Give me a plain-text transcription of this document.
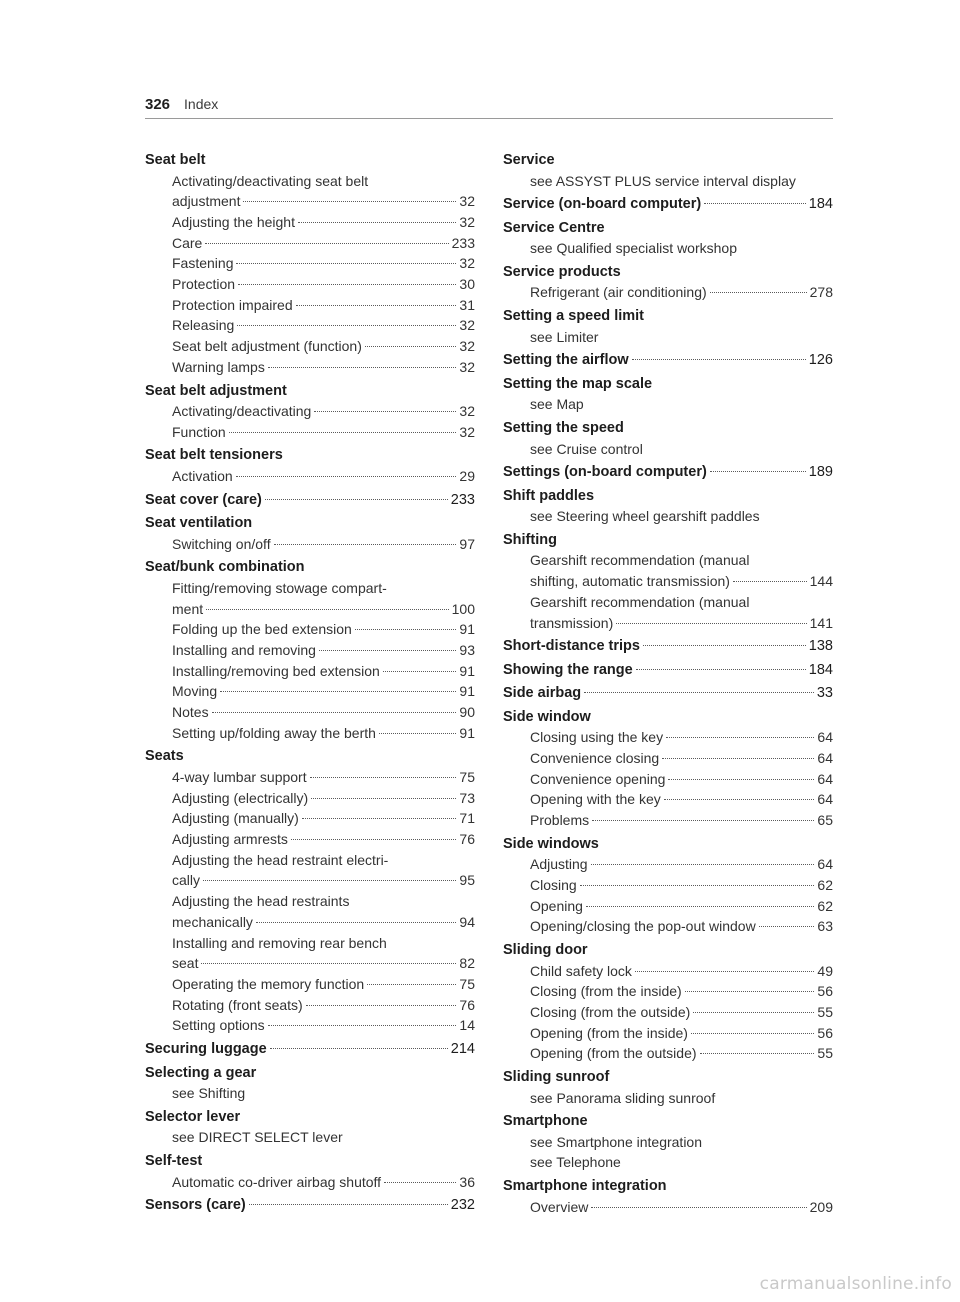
326 Index
Seat belt
Activating/deactivating seat belt
adjustment	32
Adjusting the height	32
Care	233
Fastening	32
Protection	30
Protection impaired	31
Releasing	32
Seat belt adjustment (function)	32
Warning lamps	32
Seat belt adjustment
Activating/deactivating	32
Function	32
Seat belt tensioners
Activation	29
Seat cover (care)	233
Seat ventilation
Switching on/off	97
Seat/bunk combination
Fitting/removing stowage compart-
ment	100
Folding up the bed extension	91
Installing and removing	93
Installing/removing bed extension	91
Moving	91
Notes	90
Setting up/folding away the berth	91
Seats
4-way lumbar support	75
Adjusting (electrically)	73
Adjusting (manually)	71
Adjusting armrests	76
Adjusting the head restraint electri-
cally	95
Adjusting the head restraints
mechanically	94
Installing and removing rear bench
seat	82
Operating the memory function	75
Rotating (front seats)	76
Setting options	14
Securing luggage	214
Selecting a gear
see Shifting
Selector lever
see DIRECT SELECT lever
Self-test
Automatic co-driver airbag shutoff	36
Sensors (care)	232
Service
see ASSYST PLUS service interval display
Service (on-board computer)	184
Service Centre
see Qualified specialist workshop
Service products
Refrigerant (air conditioning)	278
Setting a speed limit
see Limiter
Setting the airflow	126
Setting the map scale
see Map
Setting the speed
see Cruise control
Settings (on-board computer)	189
Shift paddles
see Steering wheel gearshift paddles
Shifting
Gearshift recommendation (manual
shifting, automatic transmission)	144
Gearshift recommendation (manual
transmission)	141
Short-distance trips	138
Showing the range	184
Side airbag	33
Side window
Closing using the key	64
Convenience closing	64
Convenience opening	64
Opening with the key	64
Problems	65
Side windows
Adjusting	64
Closing	62
Opening	62
Opening/closing the pop-out window	63
Sliding door
Child safety lock	49
Closing (from the inside)	56
Closing (from the outside)	55
Opening (from the inside)	56
Opening (from the outside)	55
Sliding sunroof
see Panorama sliding sunroof
Smartphone
see Smartphone integration
see Telephone
Smartphone integration
Overview	209
carmanualsonline.info
